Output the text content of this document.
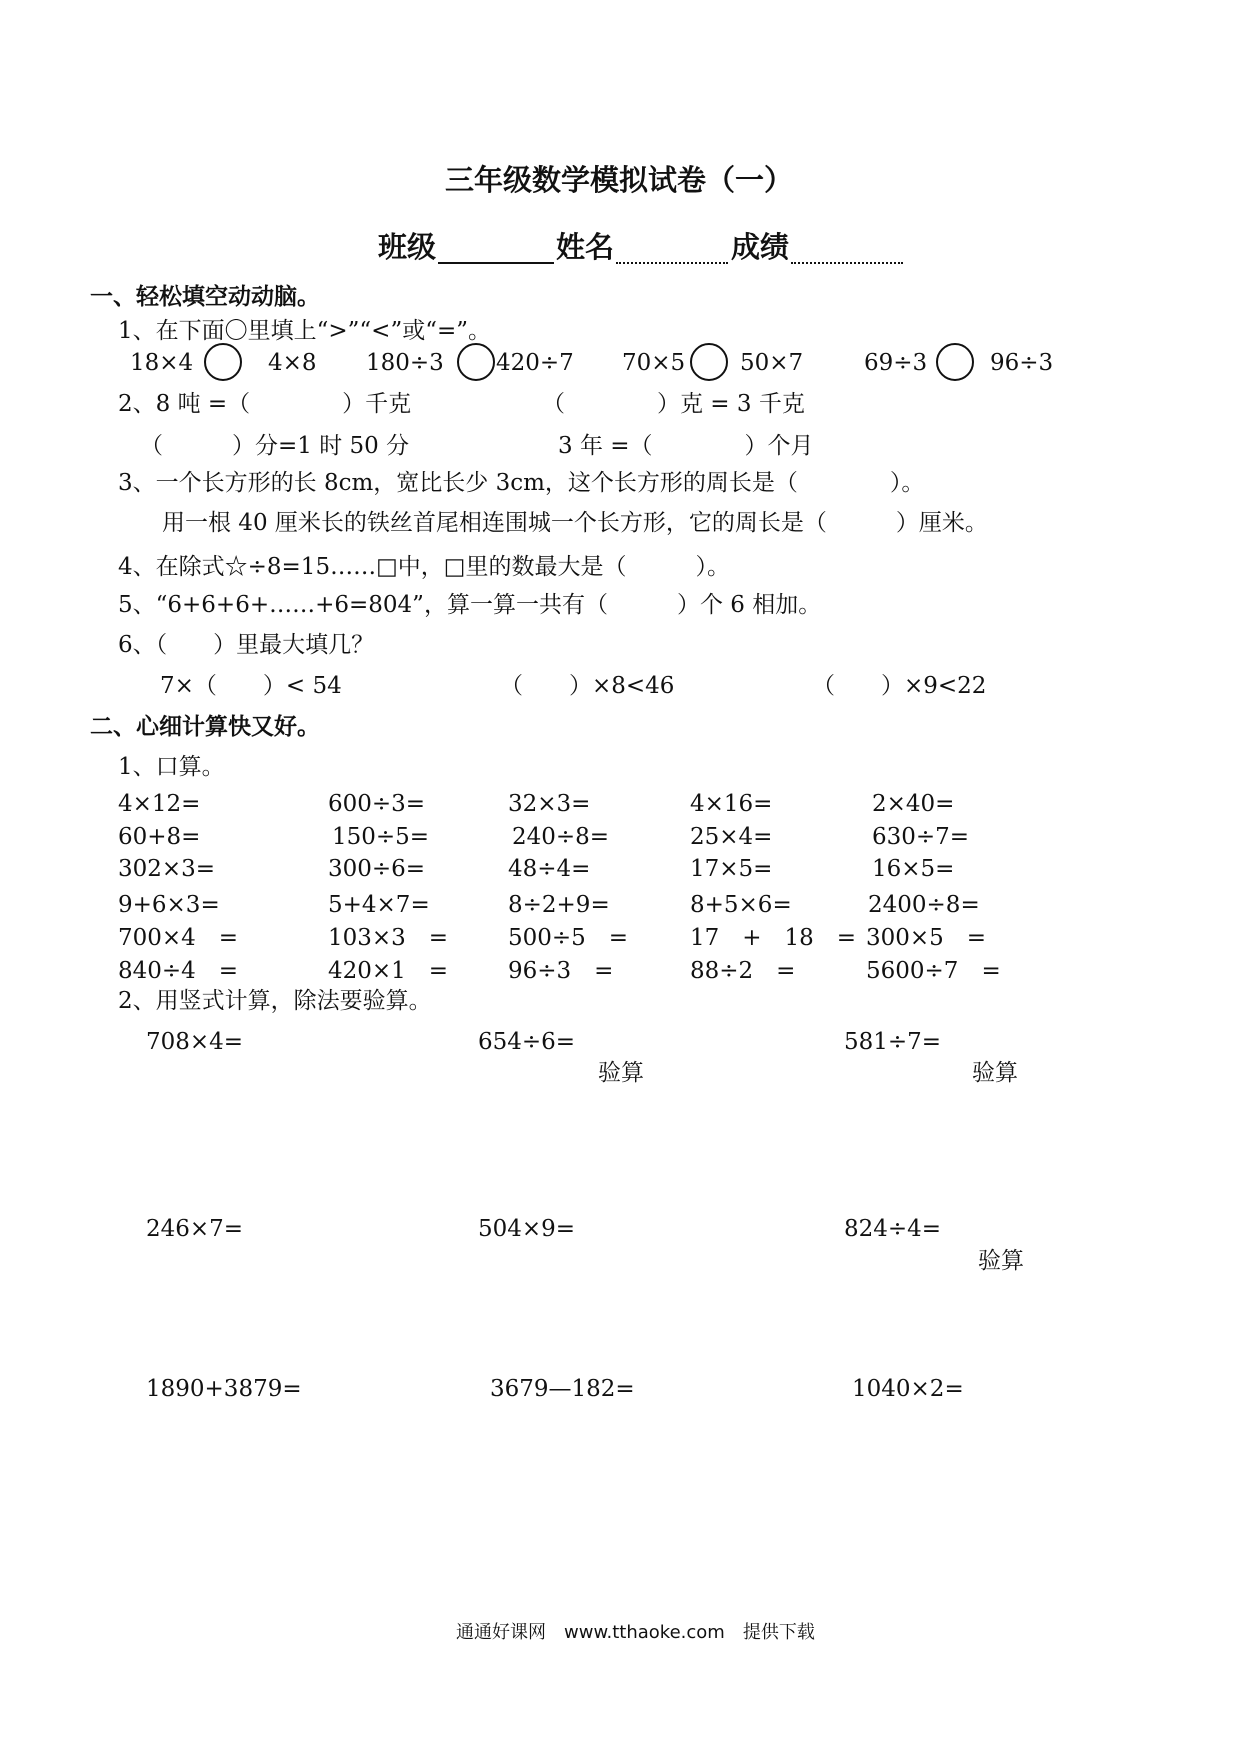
三年级数学模拟试卷（一）
班级	姓名	成绩
一、轻松填空动动脑。
1、在下面〇里填上“>”“<”或“=”。
18×4	4×8 180÷3 420÷7 70×5 50×7	69÷3	96÷3
2、8 吨 =（　　　　）千克	（　　　　）克 = 3 千克
（　　　）分=1 时 50 分	3 年 =（　　　　）个月
3、一个长方形的长 8cm，宽比长少 3cm，这个长方形的周长是（　　　　）。
用一根 40 厘米长的铁丝首尾相连围城一个长方形，它的周长是（　　　）厘米。
4、在除式☆÷8=15……□中，□里的数最大是（　　　）。
5、“6+6+6+……+6=804”，算一算一共有（　　　）个 6 相加。
6、（　　）里最大填几？
7×（　　）< 54	（　　）×8<46	（　　）×9<22
二、心细计算快又好。
1、口算。
4×12=	600÷3=	32×3=	4×16=	2×40=
60+8=	150÷5=	240÷8=	25×4=	630÷7=
302×3=	300÷6=	48÷4=	17×5=	16×5=
9+6×3=	5+4×7=	8÷2+9=	8+5×6=	2400÷8=
700×4　=	103×3　=	500÷5　=	17　+　18　= 300×5　=
840÷4　=	420×1　=	96÷3　=	88÷2　=	5600÷7　=
2、用竖式计算，除法要验算。
708×4=	654÷6=	581÷7=
验算	验算
246×7=	504×9=	824÷4=
验算
1890+3879=	3679—182=	1040×2=
通通好课网　www.tthaoke.com　提供下载
